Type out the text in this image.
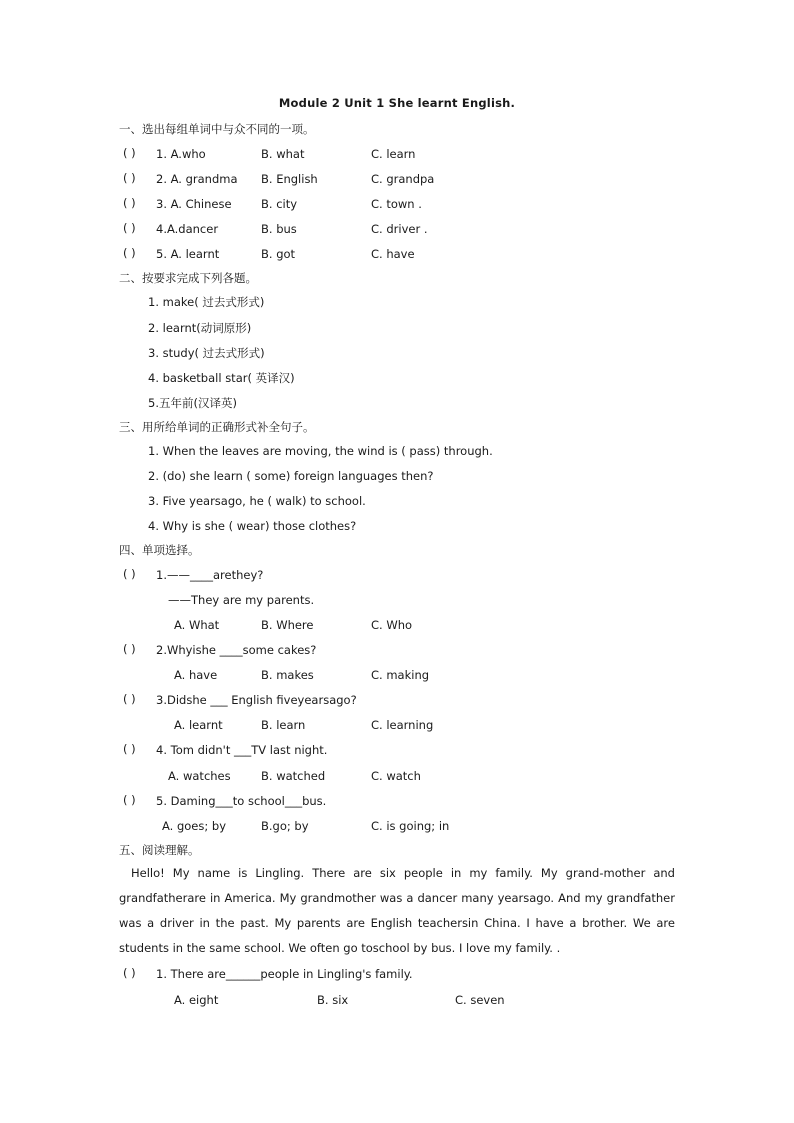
Module 2 Unit 1 She learnt English.
一、选出每组单词中与众不同的一项。
( ) 1. A.who	B. what	C. learn
( ) 2. A. grandma B. English	C. grandpa
( ) 3. A. Chinese	B. city	C. town .
( ) 4.A.dancer	B. bus	C. driver .
( ) 5. A. learnt	B. got	C. have
二、按要求完成下列各题。
1. make( 过去式形式)
2. learnt(动词原形)
3. study( 过去式形式)
4. basketball star( 英译汉)
5.五年前(汉译英)
三、用所给单词的正确形式补全句子。
1. When the leaves are moving, the wind is ( pass) through.
2. (do) she learn ( some) foreign languages then?
3. Five yearsago, he ( walk) to school.
4. Why is she ( wear) those clothes?
四、单项选择。
( ) 1.——____arethey?
——They are my parents.
A. What	B. Where	C. Who
( ) 2.Whyishe ____some cakes?
A. have	B. makes	C. making
( ) 3.Didshe ___ English fiveyearsago?
A. learnt	B. learn	C. learning
( ) 4. Tom didn't ___TV last night.
A. watches	B. watched	C. watch
( ) 5. Daming___to school___bus.
A. goes; by	B.go; by	C. is going; in
五、阅读理解。
Hello! My name is Lingling. There are six people in my family. My grand-mother and grandfatherare in America. My grandmother was a dancer many yearsago. And my grandfather was a driver in the past. My parents are English teachersin China. I have a brother. We are students in the same school. We often go toschool by bus. I love my family. .
( ) 1. There are______people in Lingling's family.
A. eight	B. six	C. seven
